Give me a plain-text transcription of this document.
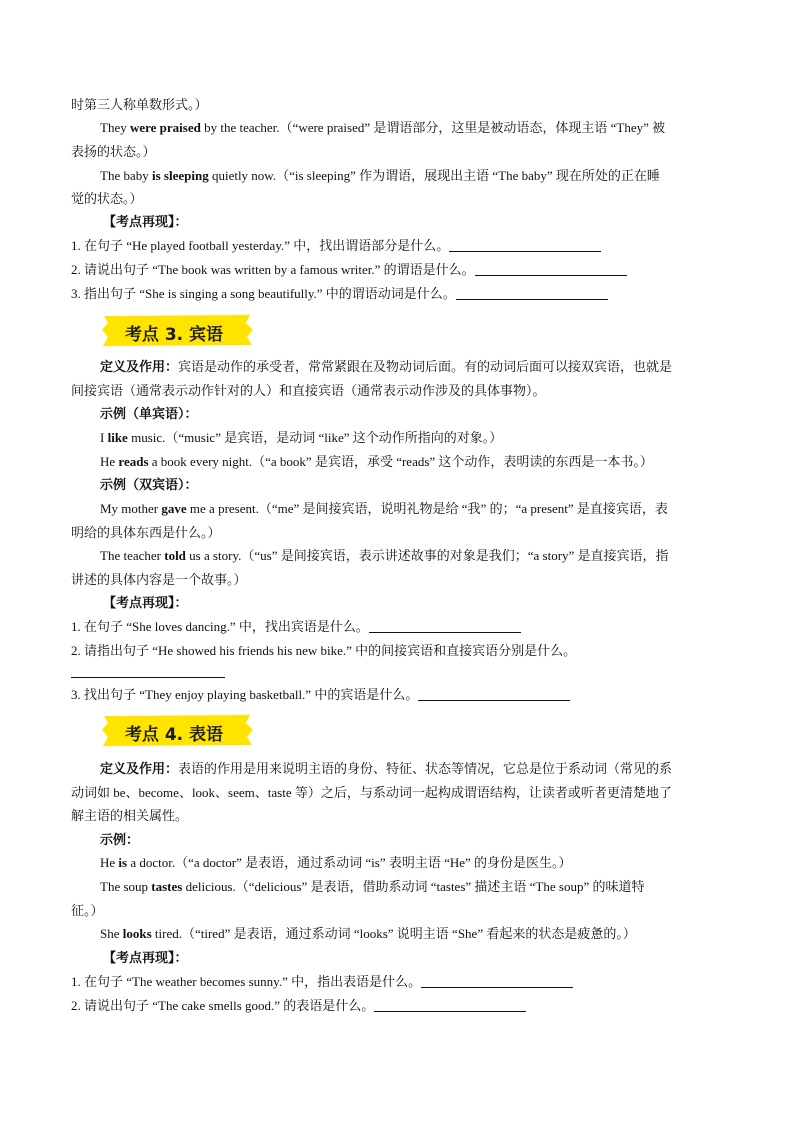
时第三人称单数形式。）
They were praised by the teacher.（“were praised” 是谓语部分，这里是被动语态，体现主语 “They” 被
表扬的状态。）
The baby is sleeping quietly now.（“is sleeping” 作为谓语，展现出主语 “The baby” 现在所处的正在睡
觉的状态。）
【考点再现】：
1. 在句子 “He played football yesterday.” 中，找出谓语部分是什么。
2. 请说出句子 “The book was written by a famous writer.” 的谓语是什么。
3. 指出句子 “She is singing a song beautifully.” 中的谓语动词是什么。
考点 3. 宾语
定义及作用：宾语是动作的承受者，常常紧跟在及物动词后面。有的动词后面可以接双宾语，也就是
间接宾语（通常表示动作针对的人）和直接宾语（通常表示动作涉及的具体事物）。
示例（单宾语）：
I like music.（“music” 是宾语，是动词 “like” 这个动作所指向的对象。）
He reads a book every night.（“a book” 是宾语，承受 “reads” 这个动作，表明读的东西是一本书。）
示例（双宾语）：
My mother gave me a present.（“me” 是间接宾语，说明礼物是给 “我” 的；“a present” 是直接宾语，表
明给的具体东西是什么。）
The teacher told us a story.（“us” 是间接宾语，表示讲述故事的对象是我们；“a story” 是直接宾语，指
讲述的具体内容是一个故事。）
【考点再现】：
1. 在句子 “She loves dancing.” 中，找出宾语是什么。
2. 请指出句子 “He showed his friends his new bike.” 中的间接宾语和直接宾语分别是什么。
3. 找出句子 “They enjoy playing basketball.” 中的宾语是什么。
考点 4. 表语
定义及作用：表语的作用是用来说明主语的身份、特征、状态等情况，它总是位于系动词（常见的系
动词如 be、become、look、seem、taste 等）之后，与系动词一起构成谓语结构，让读者或听者更清楚地了
解主语的相关属性。
示例：
He is a doctor.（“a doctor” 是表语，通过系动词 “is” 表明主语 “He” 的身份是医生。）
The soup tastes delicious.（“delicious” 是表语，借助系动词 “tastes” 描述主语 “The soup” 的味道特
征。）
She looks tired.（“tired” 是表语，通过系动词 “looks” 说明主语 “She” 看起来的状态是疲惫的。）
【考点再现】：
1. 在句子 “The weather becomes sunny.” 中，指出表语是什么。
2. 请说出句子 “The cake smells good.” 的表语是什么。
